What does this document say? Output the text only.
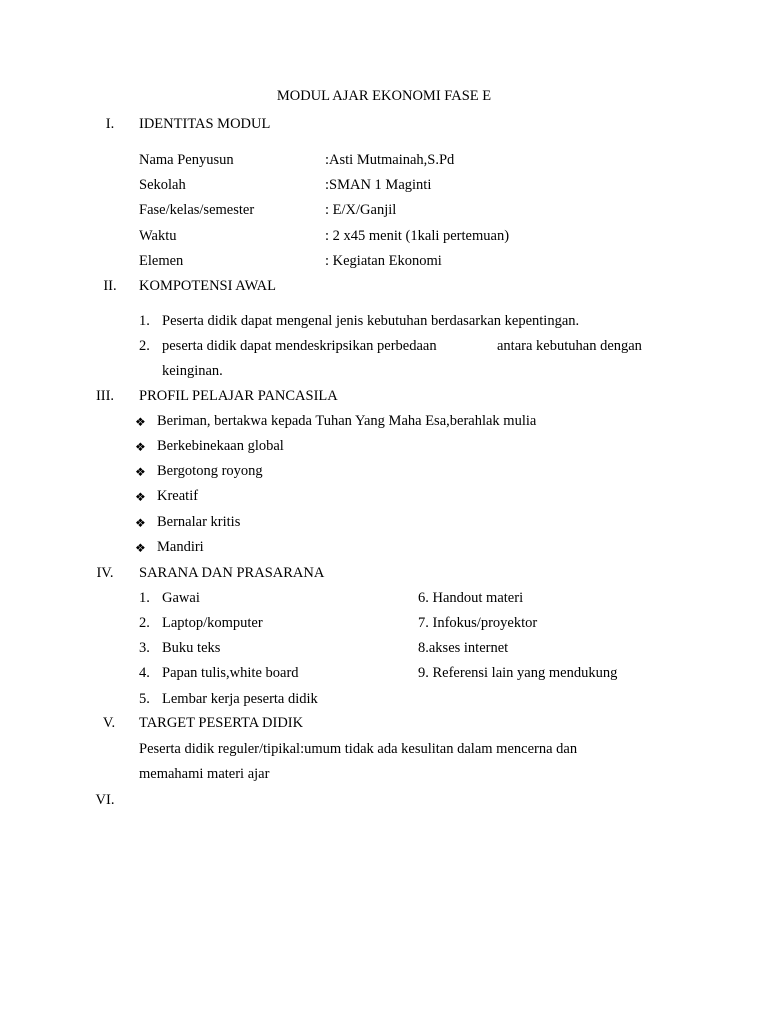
MODUL AJAR EKONOMI FASE E
I.	IDENTITAS MODUL
Nama Penyusun	:Asti Mutmainah,S.Pd
Sekolah	:SMAN 1 Maginti
Fase/kelas/semester	: E/X/Ganjil
Waktu	: 2 x45 menit (1kali pertemuan)
Elemen	: Kegiatan Ekonomi
II.	KOMPOTENSI AWAL
1. Peserta didik dapat mengenal jenis kebutuhan berdasarkan kepentingan.
2. peserta didik dapat mendeskripsikan perbedaan	antara kebutuhan dengan
keinginan.
III.	PROFIL PELAJAR PANCASILA
❖ Beriman, bertakwa kepada Tuhan Yang Maha Esa,berahlak mulia
❖ Berkebinekaan global
❖ Bergotong royong
❖ Kreatif
❖ Bernalar kritis
❖ Mandiri
IV.	SARANA DAN PRASARANA
1. Gawai
2. Laptop/komputer
3. Buku teks
4. Papan tulis,white board
5. Lembar kerja peserta didik
6. Handout materi
7. Infokus/proyektor
8.akses internet
9. Referensi lain yang mendukung
V.	TARGET PESERTA DIDIK
Peserta didik reguler/tipikal:umum tidak ada kesulitan dalam mencerna dan
memahami materi ajar
VI.
